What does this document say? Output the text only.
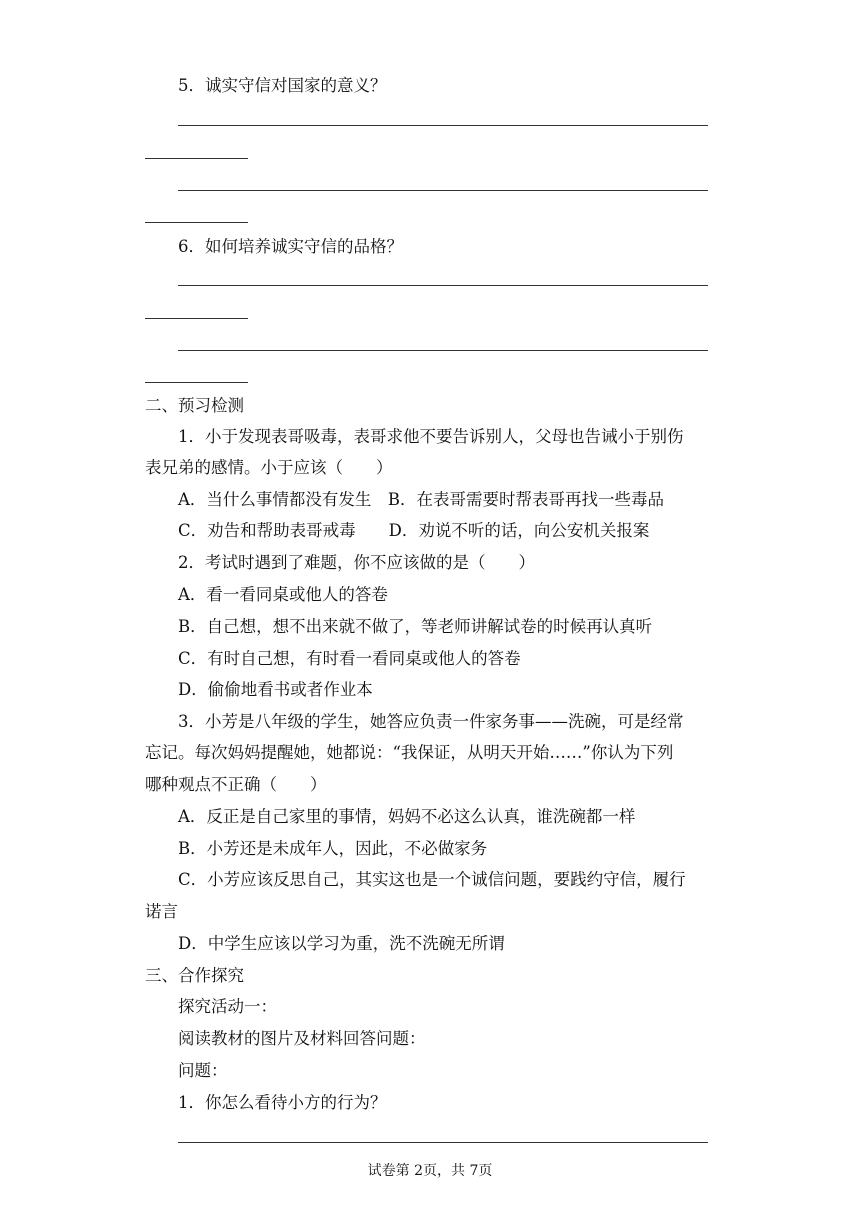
5．诚实守信对国家的意义？
6．如何培养诚实守信的品格？
二、预习检测
1．小于发现表哥吸毒，表哥求他不要告诉别人，父母也告诫小于别伤
表兄弟的感情。小于应该（　　）
A．当什么事情都没有发生　B．在表哥需要时帮表哥再找一些毒品
C．劝告和帮助表哥戒毒　　D．劝说不听的话，向公安机关报案
2．考试时遇到了难题，你不应该做的是（　　）
A．看一看同桌或他人的答卷
B．自己想，想不出来就不做了，等老师讲解试卷的时候再认真听
C．有时自己想，有时看一看同桌或他人的答卷
D．偷偷地看书或者作业本
3．小芳是八年级的学生，她答应负责一件家务事——洗碗，可是经常
忘记。每次妈妈提醒她，她都说：“我保证，从明天开始……”你认为下列
哪种观点不正确（　　）
A．反正是自己家里的事情，妈妈不必这么认真，谁洗碗都一样
B．小芳还是未成年人，因此，不必做家务
C．小芳应该反思自己，其实这也是一个诚信问题，要践约守信，履行
诺言
D．中学生应该以学习为重，洗不洗碗无所谓
三、合作探究
探究活动一：
阅读教材的图片及材料回答问题：
问题：
1．你怎么看待小方的行为？
试卷第 2页，共 7页
